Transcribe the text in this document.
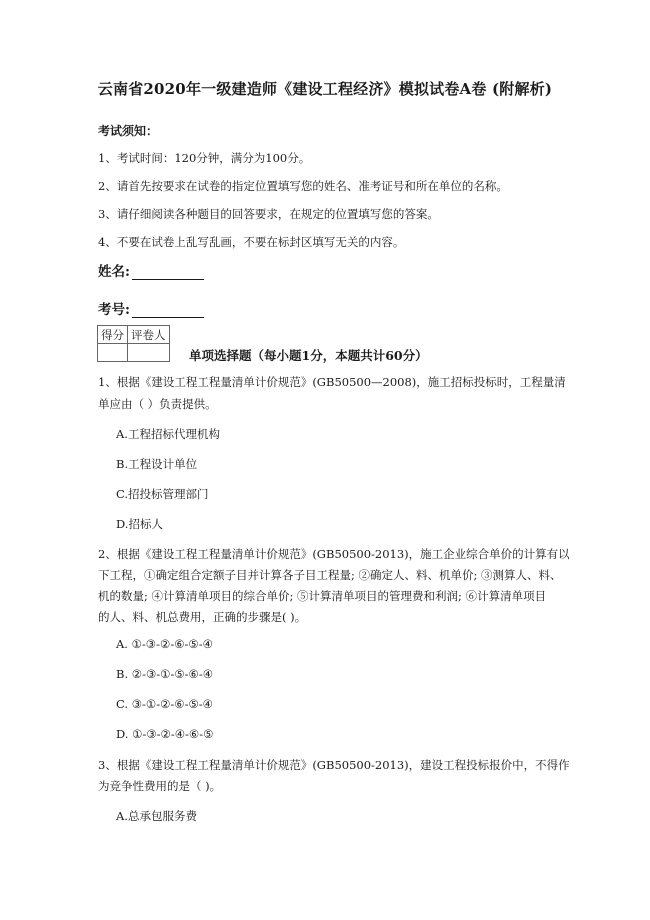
云南省2020年一级建造师《建设工程经济》模拟试卷A卷 (附解析)
考试须知：
1、考试时间：120分钟，满分为100分。
2、请首先按要求在试卷的指定位置填写您的姓名、准考证号和所在单位的名称。
3、请仔细阅读各种题目的回答要求，在规定的位置填写您的答案。
4、不要在试卷上乱写乱画，不要在标封区填写无关的内容。
姓名:
考号:
得分	评卷人

单项选择题（每小题1分，本题共计60分）
1、根据《建设工程工程量清单计价规范》(GB50500—2008)，施工招标投标时，工程量清
单应由（ ）负责提供。
A.工程招标代理机构
B.工程设计单位
C.招投标管理部门
D.招标人
2、根据《建设工程工程量清单计价规范》(GB50500-2013)，施工企业综合单价的计算有以
下工程，①确定组合定额子目并计算各子目工程量; ②确定人、料、机单价; ③测算人、料、
机的数量; ④计算清单项目的综合单价; ⑤计算清单项目的管理费和利润; ⑥计算清单项目
的人、料、机总费用，正确的步骤是( )。
A. ①-③-②-⑥-⑤-④
B. ②-③-①-⑤-⑥-④
C. ③-①-②-⑥-⑤-④
D. ①-③-②-④-⑥-⑤
3、根据《建设工程工程量清单计价规范》(GB50500-2013)，建设工程投标报价中，不得作
为竞争性费用的是（ )。
A.总承包服务费
